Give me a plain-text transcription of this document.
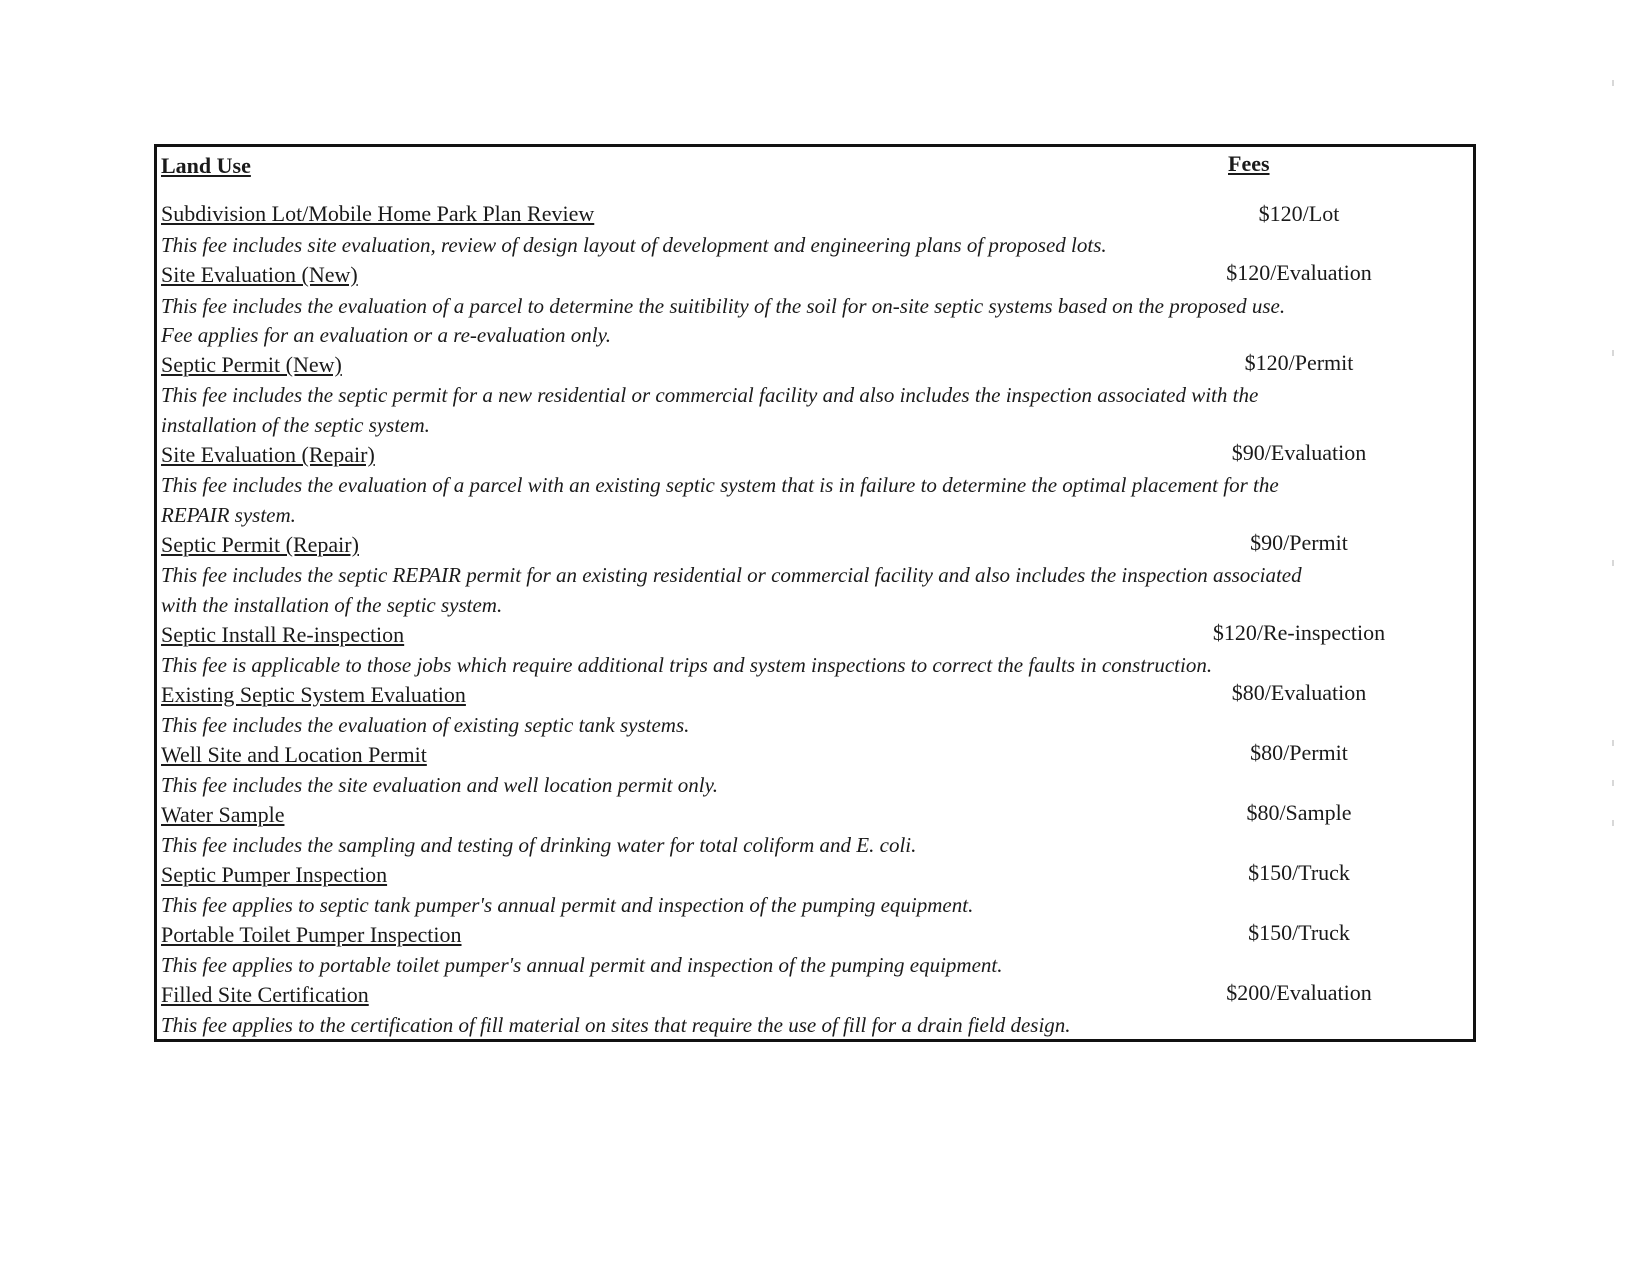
Land Use	Fees
Subdivision Lot/Mobile Home Park Plan Review	$120/Lot
This fee includes site evaluation, review of design layout of development and engineering plans of proposed lots.
Site Evaluation (New)	$120/Evaluation
This fee includes the evaluation of a parcel to determine the suitibility of the soil for on-site septic systems based on the proposed use.
Fee applies for an evaluation or a re-evaluation only.
Septic Permit (New)	$120/Permit
This fee includes the septic permit for a new residential or commercial facility and also includes the inspection associated with the
installation of the septic system.
Site Evaluation (Repair)	$90/Evaluation
This fee includes the evaluation of a parcel with an existing septic system that is in failure to determine the optimal placement for the
REPAIR system.
Septic Permit (Repair)	$90/Permit
This fee includes the septic REPAIR permit for an existing residential or commercial facility and also includes the inspection associated
with the installation of the septic system.
Septic Install Re-inspection	$120/Re-inspection
This fee is applicable to those jobs which require additional trips and system inspections to correct the faults in construction.
Existing Septic System Evaluation	$80/Evaluation
This fee includes the evaluation of existing septic tank systems.
Well Site and Location Permit	$80/Permit
This fee includes the site evaluation and well location permit only.
Water Sample	$80/Sample
This fee includes the sampling and testing of drinking water for total coliform and E. coli.
Septic Pumper Inspection	$150/Truck
This fee applies to septic tank pumper's annual permit and inspection of the pumping equipment.
Portable Toilet Pumper Inspection	$150/Truck
This fee applies to portable toilet pumper's annual permit and inspection of the pumping equipment.
Filled Site Certification	$200/Evaluation
This fee applies to the certification of fill material on sites that require the use of fill for a drain field design.
